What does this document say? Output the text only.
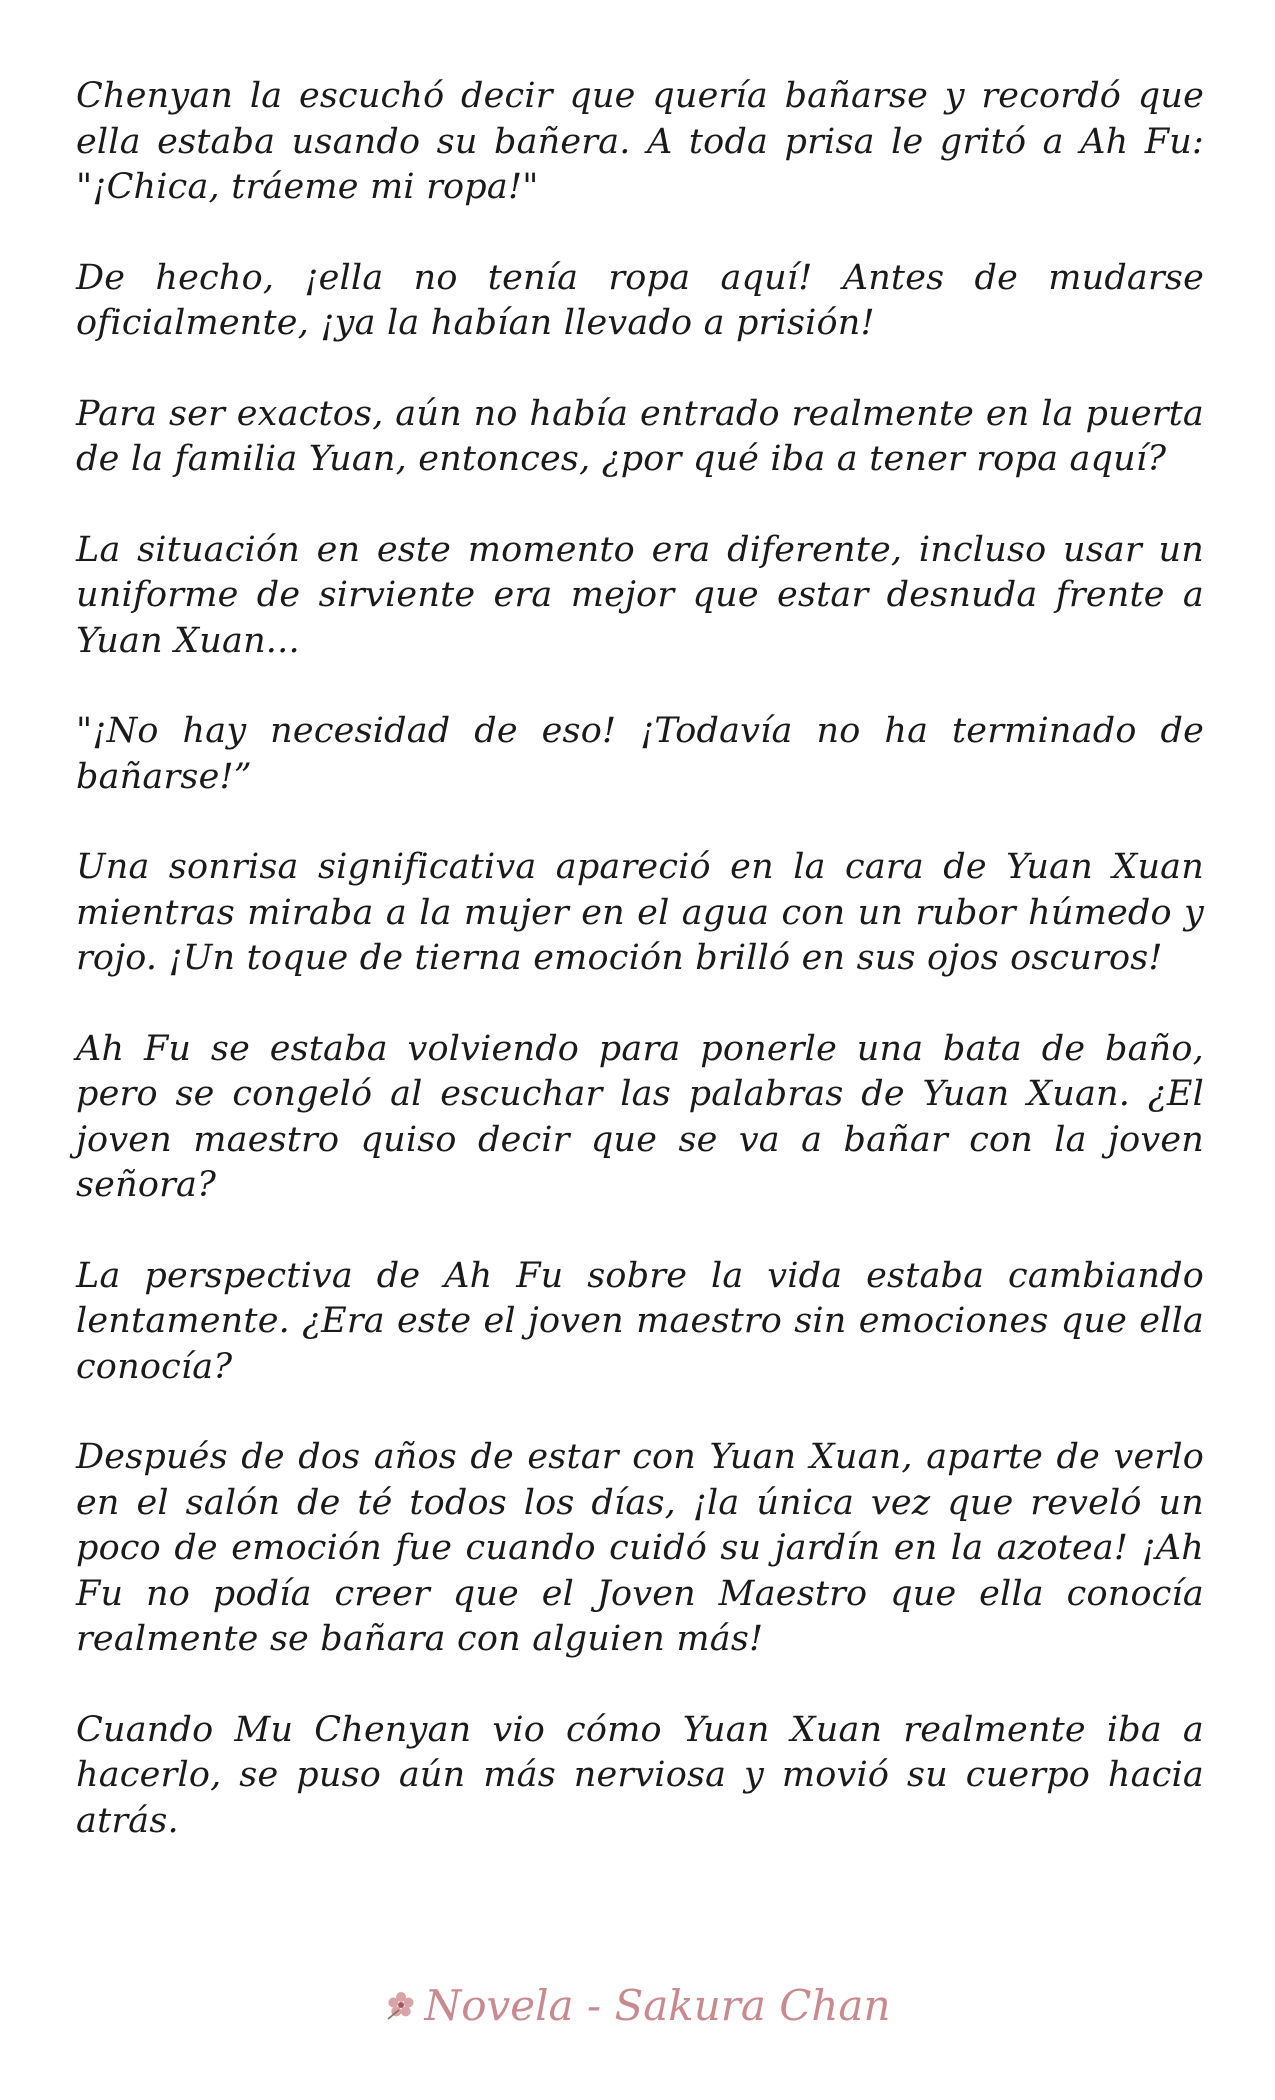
Chenyan la escuchó decir que quería bañarse y recordó que ella estaba usando su bañera. A toda prisa le gritó a Ah Fu: "¡Chica, tráeme mi ropa!"

De hecho, ¡ella no tenía ropa aquí! Antes de mudarse oficialmente, ¡ya la habían llevado a prisión!

Para ser exactos, aún no había entrado realmente en la puerta de la familia Yuan, entonces, ¿por qué iba a tener ropa aquí?

La situación en este momento era diferente, incluso usar un uniforme de sirviente era mejor que estar desnuda frente a Yuan Xuan...

"¡No hay necesidad de eso! ¡Todavía no ha terminado de bañarse!”

Una sonrisa significativa apareció en la cara de Yuan Xuan mientras miraba a la mujer en el agua con un rubor húmedo y rojo. ¡Un toque de tierna emoción brilló en sus ojos oscuros!

Ah Fu se estaba volviendo para ponerle una bata de baño, pero se congeló al escuchar las palabras de Yuan Xuan. ¿El joven maestro quiso decir que se va a bañar con la joven señora?

La perspectiva de Ah Fu sobre la vida estaba cambiando lentamente. ¿Era este el joven maestro sin emociones que ella conocía?

Después de dos años de estar con Yuan Xuan, aparte de verlo en el salón de té todos los días, ¡la única vez que reveló un poco de emoción fue cuando cuidó su jardín en la azotea! ¡Ah Fu no podía creer que el Joven Maestro que ella conocía realmente se bañara con alguien más!

Cuando Mu Chenyan vio cómo Yuan Xuan realmente iba a hacerlo, se puso aún más nerviosa y movió su cuerpo hacia atrás.

Novela - Sakura Chan
